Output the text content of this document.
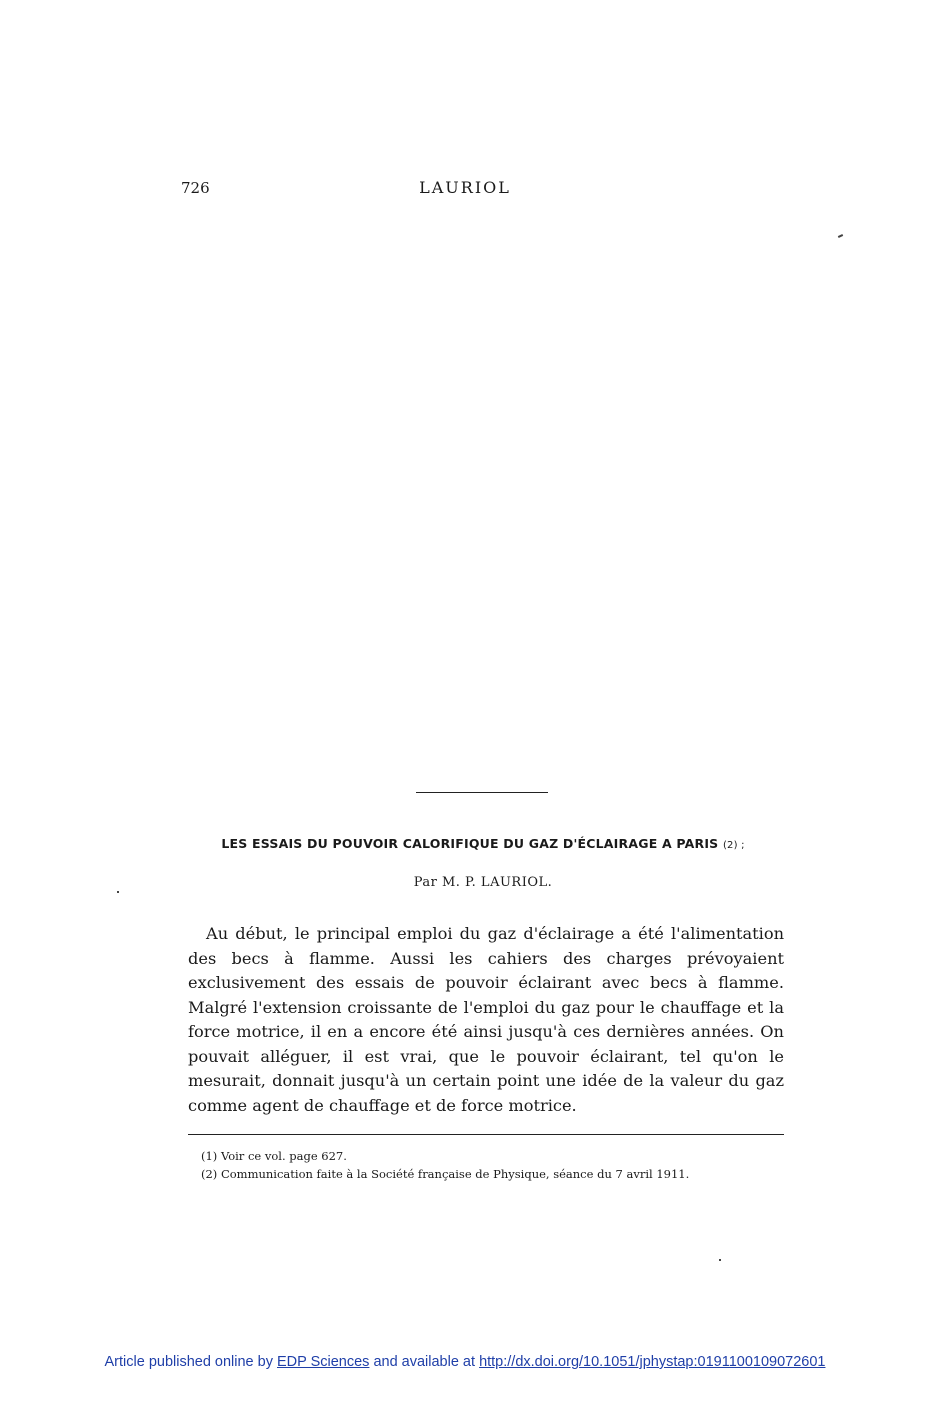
726	LAURIOL
LES ESSAIS DU POUVOIR CALORIFIQUE DU GAZ D'ÉCLAIRAGE A PARIS (2) ;
Par M. P. LAURIOL.

Au début, le principal emploi du gaz d'éclairage a été l'alimentation des becs à flamme. Aussi les cahiers des charges prévoyaient exclusivement des essais de pouvoir éclairant avec becs à flamme. Malgré l'extension croissante de l'emploi du gaz pour le chauffage et la force motrice, il en a encore été ainsi jusqu'à ces dernières années. On pouvait alléguer, il est vrai, que le pouvoir éclairant, tel qu'on le mesurait, donnait jusqu'à un certain point une idée de la valeur du gaz comme agent de chauffage et de force motrice.

(1) Voir ce vol. page 627.
(2) Communication faite à la Société française de Physique, séance du 7 avril 1911.
Article published online by EDP Sciences and available at http://dx.doi.org/10.1051/jphystap:0191100109072601
